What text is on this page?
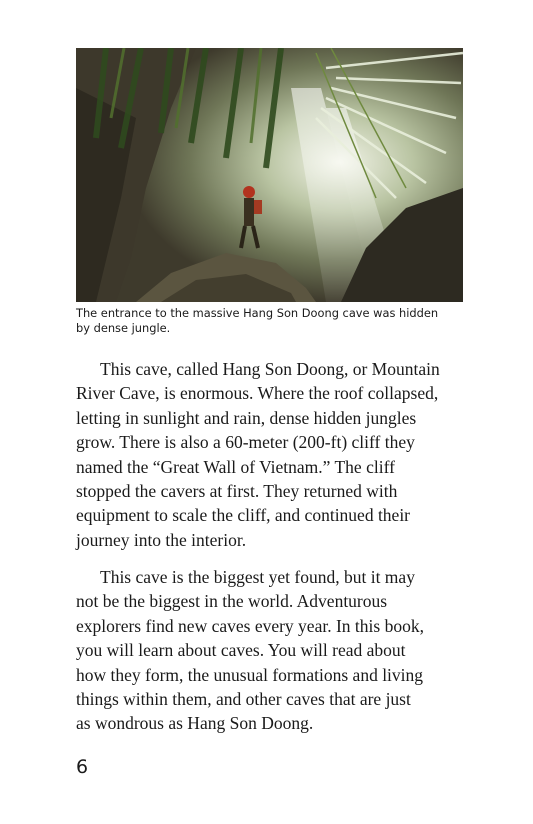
The entrance to the massive Hang Son Doong cave was hidden
by dense jungle.
This cave, called Hang Son Doong, or Mountain
River Cave, is enormous. Where the roof collapsed,
letting in sunlight and rain, dense hidden jungles
grow. There is also a 60-meter (200-ft) cliff they
named the “Great Wall of Vietnam.” The cliff
stopped the cavers at first. They returned with
equipment to scale the cliff, and continued their
journey into the interior.
This cave is the biggest yet found, but it may
not be the biggest in the world. Adventurous
explorers find new caves every year. In this book,
you will learn about caves. You will read about
how they form, the unusual formations and living
things within them, and other caves that are just
as wondrous as Hang Son Doong.
6
